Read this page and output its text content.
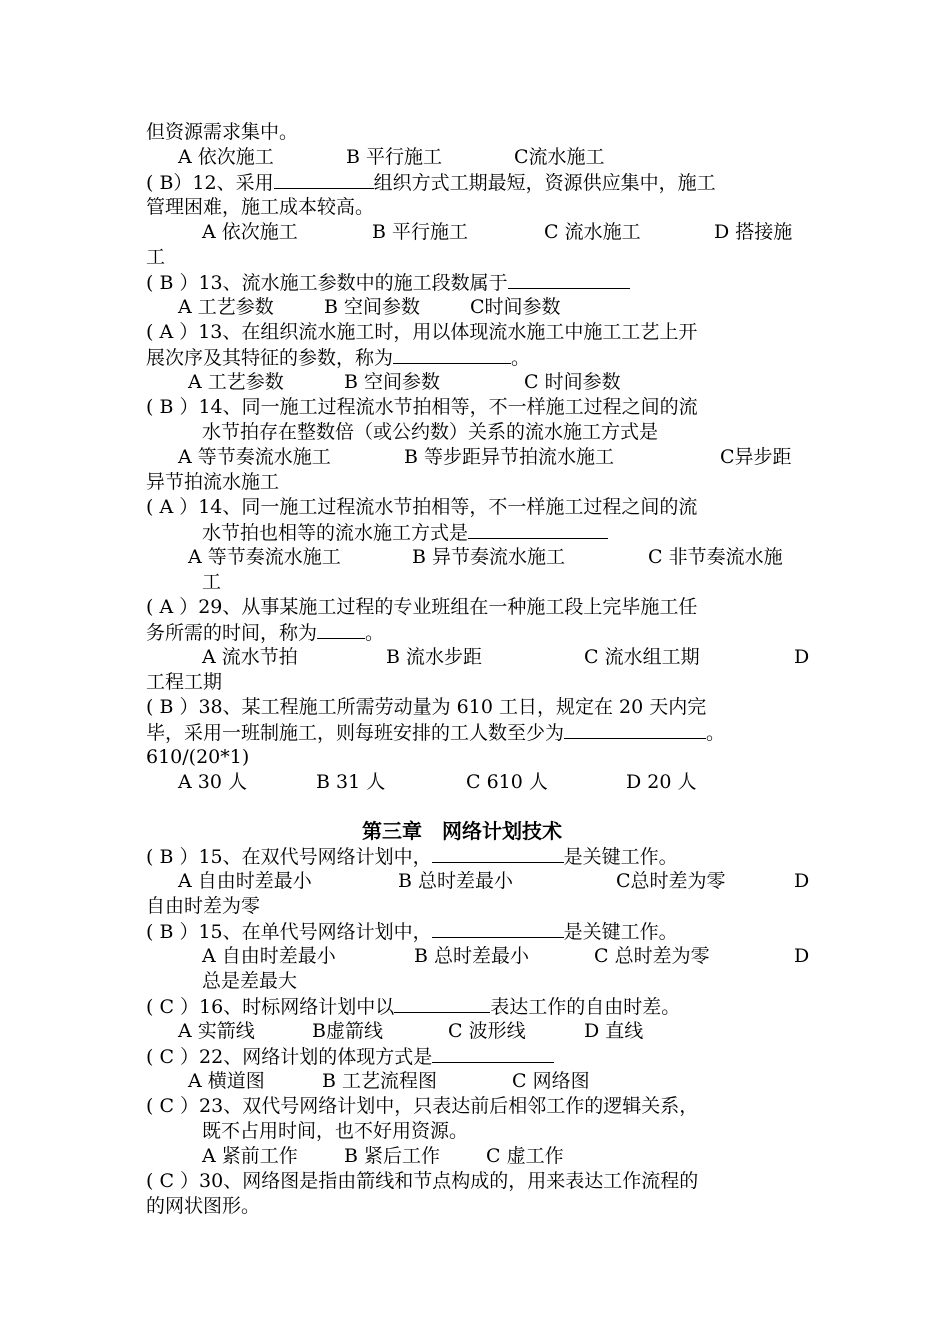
但资源需求集中。
A 依次施工	B 平行施工	C流水施工
( B）12、采用	组织方式工期最短，资源供应集中，施工
管理困难，施工成本较高。
A 依次施工	B 平行施工	C 流水施工	D 搭接施
工
( B ）13、流水施工参数中的施工段数属于
A 工艺参数	B 空间参数	C时间参数
( A ）13、在组织流水施工时，用以体现流水施工中施工工艺上开
展次序及其特征的参数，称为	。
A 工艺参数	B 空间参数	C 时间参数
( B ）14、同一施工过程流水节拍相等，不一样施工过程之间的流
水节拍存在整数倍（或公约数）关系的流水施工方式是
A 等节奏流水施工	B 等步距异节拍流水施工	C异步距
异节拍流水施工
( A ）14、同一施工过程流水节拍相等，不一样施工过程之间的流
水节拍也相等的流水施工方式是
A 等节奏流水施工	B 异节奏流水施工	C 非节奏流水施
工
( A ）29、从事某施工过程的专业班组在一种施工段上完毕施工任
务所需的时间，称为	。
A 流水节拍	B 流水步距	C 流水组工期	D
工程工期
( B ）38、某工程施工所需劳动量为 610 工日，规定在 20 天内完
毕，采用一班制施工，则每班安排的工人数至少为	。
610/(20*1)
A 30 人	B 31 人	C 610 人	D 20 人
第三章　网络计划技术
( B ）15、在双代号网络计划中，	是关键工作。
A 自由时差最小	B 总时差最小	C总时差为零	D
自由时差为零
( B ）15、在单代号网络计划中，	是关键工作。
A 自由时差最小	B 总时差最小	C 总时差为零	D
总是差最大
( C ）16、时标网络计划中以	表达工作的自由时差。
A 实箭线	B虚箭线	C 波形线	D 直线
( C ）22、网络计划的体现方式是
A 横道图	B 工艺流程图	C 网络图
( C ）23、双代号网络计划中，只表达前后相邻工作的逻辑关系，
既不占用时间，也不好用资源。
A 紧前工作 B 紧后工作 C 虚工作
( C ）30、网络图是指由箭线和节点构成的，用来表达工作流程的
的网状图形。
